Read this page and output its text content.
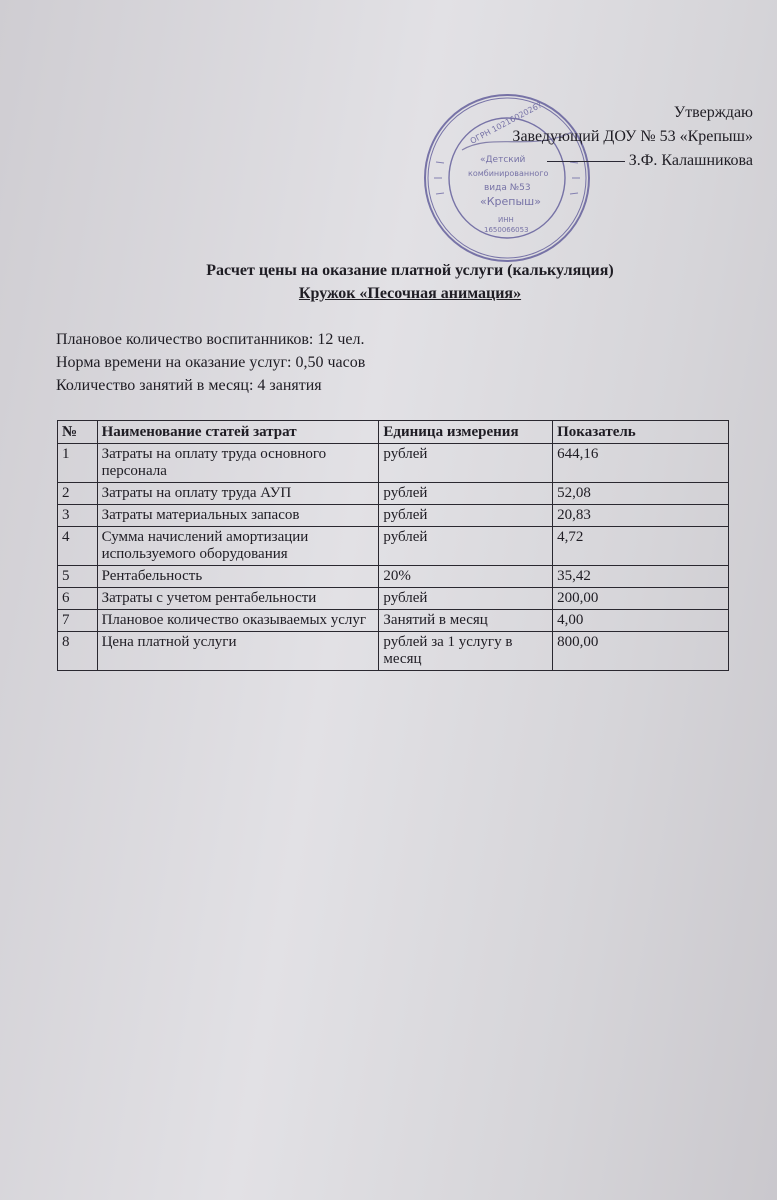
ОГРН 1021602026?
«Детский
комбинированного
вида №53
«Крепыш»
ИНН
1650066053
Утверждаю
Заведующий ДОУ № 53 «Крепыш»
З.Ф. Калашникова
Расчет цены на оказание платной услуги (калькуляция)
Кружок «Песочная анимация»
Плановое количество воспитанников: 12 чел.
Норма времени на оказание услуг: 0,50 часов
Количество занятий в месяц: 4 занятия
№	Наименование статей затрат	Единица измерения	Показатель
1	Затраты на оплату труда основного персонала	рублей	644,16
2	Затраты на оплату труда АУП	рублей	52,08
3	Затраты материальных запасов	рублей	20,83
4	Сумма начислений амортизации используемого оборудования	рублей	4,72
5	Рентабельность	20%	35,42
6	Затраты с учетом рентабельности	рублей	200,00
7	Плановое количество оказываемых услуг	Занятий в месяц	4,00
8	Цена платной услуги	рублей за 1 услугу в месяц	800,00
